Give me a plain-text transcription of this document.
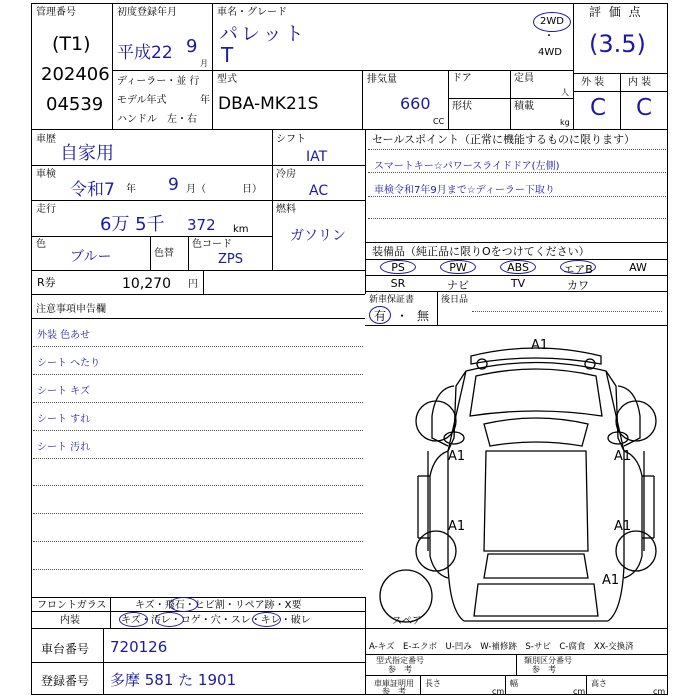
管理番号
(T1)
202406
04539
初度登録年月
平成22 9
月
車名・グレード
パレット
T
2WD
・
4WD
評 価 点
(3.5)
外 装 内 装
C C
ディーラー・並 行
モデル年式	年
ハンドル　左・右
型式
DBA-MK21S
排気量
660
CC
ドア
形状
定員
人
積載
kg
車歴
自家用
車検
令和7 年 9 月（	日）
走行
6万 5千 372 km
色
ブルー	色替
色コード
ZPS
シフト
IAT
冷房
AC
燃料
ガソリン
R券	10,270 円
セールスポイント（正常に機能するものに限ります）
スマートキー☆パワースライドドア(左側)
車検令和7年9月まで☆ディーラー下取り
装備品（純正品に限りOをつけてください）
PS	PW	ABS	エアB	AW
SR	ナビ	TV	カワ
新車保証書
有 ・ 無
後日品
注意事項申告欄
外装 色あせ
シート へたり
シート キズ
シート すれ
シート 汚れ
A1
A1	A1
A1	A1
A1
スペア
フロントガラス	キズ・飛石・ヒビ割・リペア跡・X要
内装	キズ・汚レ・コゲ・穴・スレ・キレ・破レ
A-キズ　E-エクボ　U-凹み　W-補修跡　S-サビ　C-腐食　XX-交換済
型式指定番号
参　考
類別区分番号
参　考
車庫証明用
参　考
長さ
cm
幅
cm
高さ
cm
車台番号 720126
登録番号 多摩 581 た 1901
